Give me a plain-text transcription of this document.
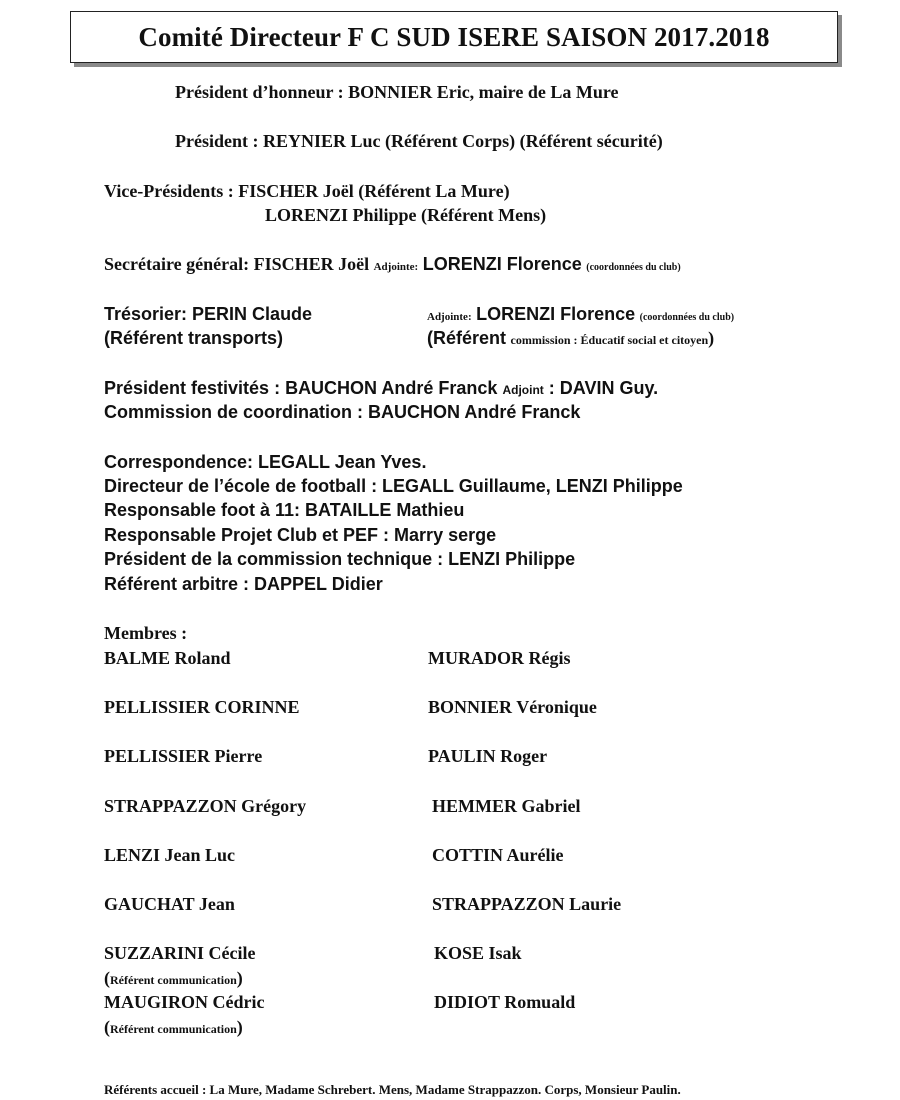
Comité Directeur F C SUD ISERE SAISON 2017.2018
Président d’honneur : BONNIER Eric, maire de La Mure
Président : REYNIER Luc (Référent Corps) (Référent sécurité)
Vice-Présidents : FISCHER Joël (Référent La Mure)
LORENZI Philippe (Référent Mens)
Secrétaire général: FISCHER Joël Adjointe: LORENZI Florence (coordonnées du club)
Trésorier: PERIN Claude	Adjointe: LORENZI Florence (coordonnées du club)
(Référent transports)	(Référent commission : Éducatif social et citoyen)
Président festivités : BAUCHON André Franck Adjoint : DAVIN Guy.
Commission de coordination : BAUCHON André Franck
Correspondence: LEGALL Jean Yves.
Directeur de l’école de football : LEGALL Guillaume, LENZI Philippe
Responsable foot à 11: BATAILLE Mathieu
Responsable Projet Club et PEF : Marry serge
Président de la commission technique : LENZI Philippe
Référent arbitre : DAPPEL Didier
Membres :
BALME Roland	MURADOR Régis
PELLISSIER CORINNE	BONNIER Véronique
PELLISSIER Pierre	PAULIN Roger
STRAPPAZZON Grégory	HEMMER Gabriel
LENZI Jean Luc	COTTIN Aurélie
GAUCHAT Jean	STRAPPAZZON Laurie
SUZZARINI Cécile	KOSE Isak
(Référent communication)
MAUGIRON Cédric	DIDIOT Romuald
(Référent communication)
Référents accueil : La Mure, Madame Schrebert. Mens, Madame Strappazzon. Corps, Monsieur Paulin.
